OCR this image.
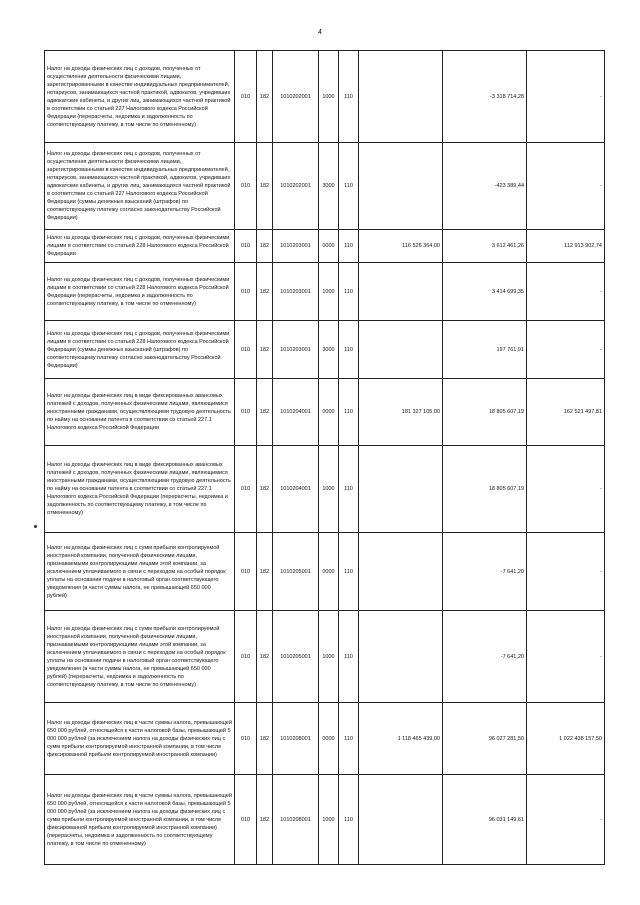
4
Налог на доходы физических лиц с доходов, полученных от осуществления деятельности физическими лицами, зарегистрированными в качестве индивидуальных предпринимателей, нотариусов, занимающихся частной практикой, адвокатов, учредивших адвокатские кабинеты, и других лиц, занимающихся частной практикой в соответствии со статьей 227 Налогового кодекса Российской Федерации (перерасчеты, недоимка и задолженность по соответствующему платежу, в том числе по отмененному)	010	182	1010202001	1000	110		-3 318 714,28	-
Налог на доходы физических лиц с доходов, полученных от осуществления деятельности физическими лицами, зарегистрированными в качестве индивидуальных предпринимателей, нотариусов, занимающихся частной практикой, адвокатов, учредивших адвокатские кабинеты, и других лиц, занимающихся частной практикой в соответствии со статьей 227 Налогового кодекса Российской Федерации (суммы денежных взысканий (штрафов) по соответствующему платежу согласно законодательству Российской Федерации)	010	182	1010202001	3000	110		-423 389,44	-
Налог на доходы физических лиц с доходов, полученных физическими лицами в соответствии со статьей 228 Налогового кодекса Российской Федерации	010	182	1010203001	0000	110	116 526 364,00	3 612 461,26	112 913 902,74
Налог на доходы физических лиц с доходов, полученных физическими лицами в соответствии со статьей 228 Налогового кодекса Российской Федерации (перерасчеты, недоимка и задолженность по соответствующему платежу, в том числе по отмененному)	010	182	1010203001	1000	110		3 414 699,35	-
Налог на доходы физических лиц с доходов, полученных физическими лицами в соответствии со статьей 228 Налогового кодекса Российской Федерации (суммы денежных взысканий (штрафов) по соответствующему платежу согласно законодательству Российской Федерации)	010	182	1010203001	3000	110		197 761,91	-
Налог на доходы физических лиц в виде фиксированных авансовых платежей с доходов, полученных физическими лицами, являющимися иностранными гражданами, осуществляющими трудовую деятельность по найму на основании патента в соответствии со статьей 227.1 Налогового кодекса Российской Федерации	010	182	1010204001	0000	110	181 327 105,00	18 805 607,19	162 521 497,81
Налог на доходы физических лиц в виде фиксированных авансовых платежей с доходов, полученных физическими лицами, являющимися иностранными гражданами, осуществляющими трудовую деятельность по найму на основании патента в соответствии со статьей 227.1 Налогового кодекса Российской Федерации (перерасчеты, недоимка и задолженность по соответствующему платежу, в том числе по отмененному)	010	182	1010204001	1000	110		18 805 607,19	-
Налог на доходы физических лиц с сумм прибыли контролируемой иностранной компании, полученной физическими лицами, признаваемыми контролирующими лицами этой компании, за исключением уплачиваемого в связи с переходом на особый порядок уплаты на основании подачи в налоговый орган соответствующего уведомления (в части суммы налога, не превышающей 650 000 рублей)	010	182	1010205001	0000	110		-7 641,20	-
Налог на доходы физических лиц с сумм прибыли контролируемой иностранной компании, полученной физическими лицами, признаваемыми контролирующими лицами этой компании, за исключением уплачиваемого в связи с переходом на особый порядок уплаты на основании подачи в налоговый орган соответствующего уведомления (в части суммы налога, не превышающей 650 000 рублей) (перерасчеты, недоимка и задолженность по соответствующему платежу, в том числе по отмененному)	010	182	1010205001	1000	110		-7 641,20	-
Налог на доходы физических лиц в части суммы налога, превышающей 650 000 рублей, относящейся к части налоговой базы, превышающей 5 000 000 рублей (за исключением налога на доходы физических лиц с сумм прибыли контролируемой иностранной компании, в том числе фиксированной прибыли контролируемой иностранной компании)	010	182	1010208001	0000	110	1 118 465 439,00	96 027 281,50	1 022 438 157,50
Налог на доходы физических лиц в части суммы налога, превышающей 650 000 рублей, относящейся к части налоговой базы, превышающей 5 000 000 рублей (за исключением налога на доходы физических лиц с сумм прибыли контролируемой иностранной компании, в том числе фиксированной прибыли контролируемой иностранной компании) (перерасчеты, недоимка и задолженность по соответствующему платежу, в том числе по отмененному)	010	182	1010208001	1000	110		96 031 149,61	-
